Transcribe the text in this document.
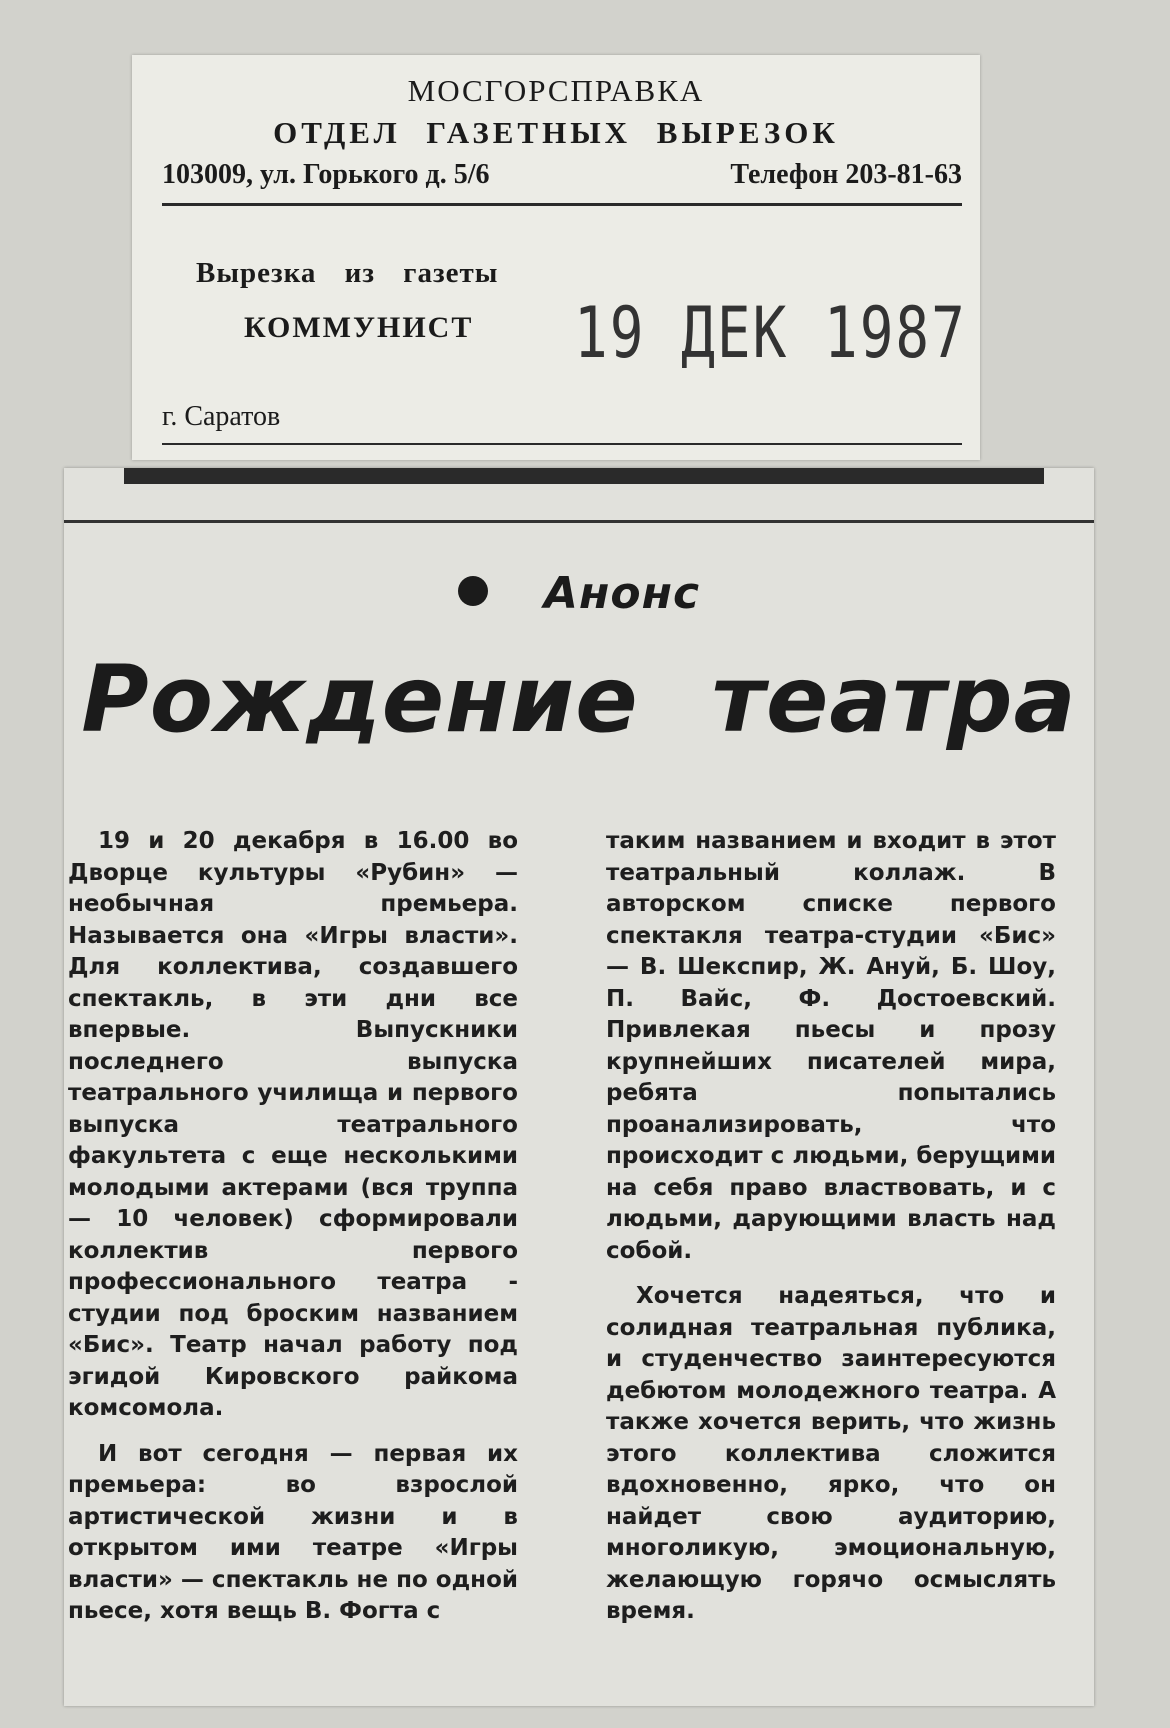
МОСГОРСПРАВКА
ОТДЕЛ ГАЗЕТНЫХ ВЫРЕЗОК
103009, ул. Горького д. 5/6	Телефон 203-81-63
Вырезка из газеты
КОММУНИСТ 19 ДЕК 1987
г. Саратов
Анонс
Рождение театра

19 и 20 декабря в 16.00 во Дворце культуры «Рубин» — необычная премьера. Называется она «Игры власти». Для коллектива, создавшего спектакль, в эти дни все впервые. Выпускники последнего выпуска театрального училища и первого выпуска театрального факультета с еще несколькими молодыми актерами (вся труппа — 10 человек) сформировали коллектив первого профессионального театра - студии под броским названием «Бис». Театр начал работу под эгидой Кировского райкома комсомола.

И вот сегодня — первая их премьера: во взрослой артистической жизни и в открытом ими театре «Игры власти» — спектакль не по одной пьесе, хотя вещь В. Фогта с

таким названием и входит в этот театральный коллаж. В авторском списке первого спектакля театра-студии «Бис» — В. Шекспир, Ж. Ануй, Б. Шоу, П. Вайс, Ф. Достоевский. Привлекая пьесы и прозу крупнейших писателей мира, ребята попытались проанализировать, что происходит с людьми, берущими на себя право властвовать, и с людьми, дарующими власть над собой.

Хочется надеяться, что и солидная театральная публика, и студенчество заинтересуются дебютом молодежного театра. А также хочется верить, что жизнь этого коллектива сложится вдохновенно, ярко, что он найдет свою аудиторию, многоликую, эмоциональную, желающую горячо осмыслять время.
